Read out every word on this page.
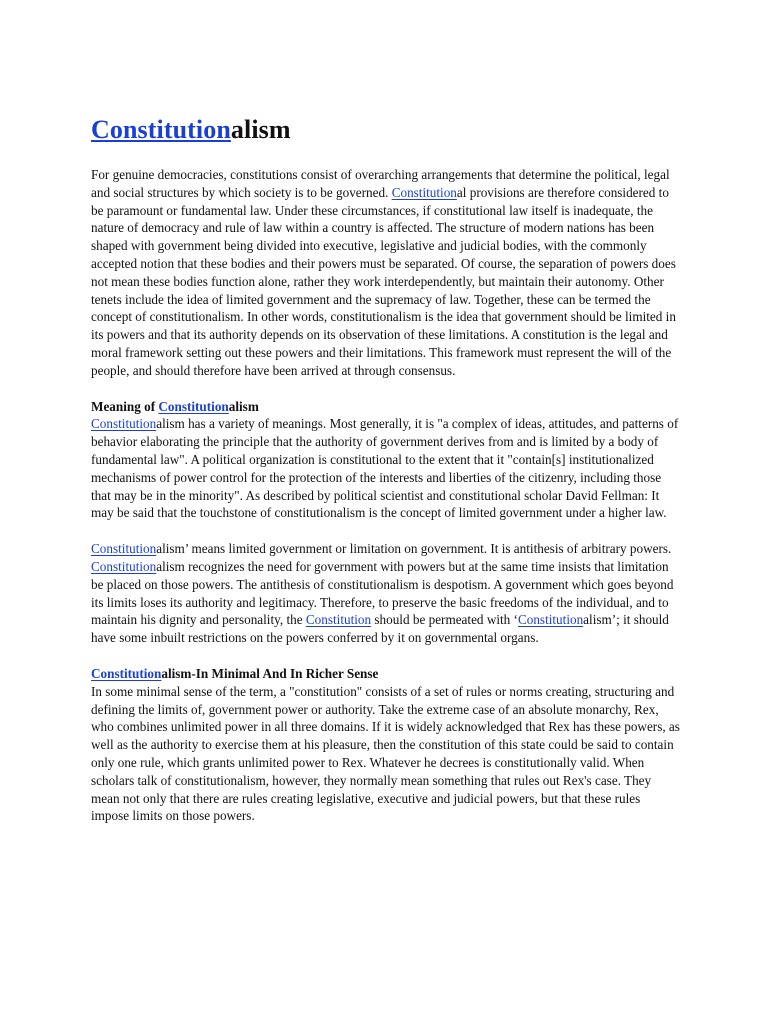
Constitutionalism

For genuine democracies, constitutions consist of overarching arrangements that determine the political, legal and social structures by which society is to be governed. Constitutional provisions are therefore considered to be paramount or fundamental law. Under these circumstances, if constitutional law itself is inadequate, the nature of democracy and rule of law within a country is affected. The structure of modern nations has been shaped with government being divided into executive, legislative and judicial bodies, with the commonly accepted notion that these bodies and their powers must be separated. Of course, the separation of powers does not mean these bodies function alone, rather they work interdependently, but maintain their autonomy. Other tenets include the idea of limited government and the supremacy of law. Together, these can be termed the concept of constitutionalism. In other words, constitutionalism is the idea that government should be limited in its powers and that its authority depends on its observation of these limitations. A constitution is the legal and moral framework setting out these powers and their limitations. This framework must represent the will of the people, and should therefore have been arrived at through consensus.

Meaning of Constitutionalism

Constitutionalism has a variety of meanings. Most generally, it is "a complex of ideas, attitudes, and patterns of behavior elaborating the principle that the authority of government derives from and is limited by a body of fundamental law". A political organization is constitutional to the extent that it "contain[s] institutionalized mechanisms of power control for the protection of the interests and liberties of the citizenry, including those that may be in the minority". As described by political scientist and constitutional scholar David Fellman: It may be said that the touchstone of constitutionalism is the concept of limited government under a higher law.

Constitutionalism’ means limited government or limitation on government. It is antithesis of arbitrary powers. Constitutionalism recognizes the need for government with powers but at the same time insists that limitation be placed on those powers. The antithesis of constitutionalism is despotism. A government which goes beyond its limits loses its authority and legitimacy. Therefore, to preserve the basic freedoms of the individual, and to maintain his dignity and personality, the Constitution should be permeated with ‘Constitutionalism’; it should have some inbuilt restrictions on the powers conferred by it on governmental organs.

Constitutionalism-In Minimal And In Richer Sense

In some minimal sense of the term, a "constitution" consists of a set of rules or norms creating, structuring and defining the limits of, government power or authority. Take the extreme case of an absolute monarchy, Rex, who combines unlimited power in all three domains. If it is widely acknowledged that Rex has these powers, as well as the authority to exercise them at his pleasure, then the constitution of this state could be said to contain only one rule, which grants unlimited power to Rex. Whatever he decrees is constitutionally valid. When scholars talk of constitutionalism, however, they normally mean something that rules out Rex's case. They mean not only that there are rules creating legislative, executive and judicial powers, but that these rules impose limits on those powers.
